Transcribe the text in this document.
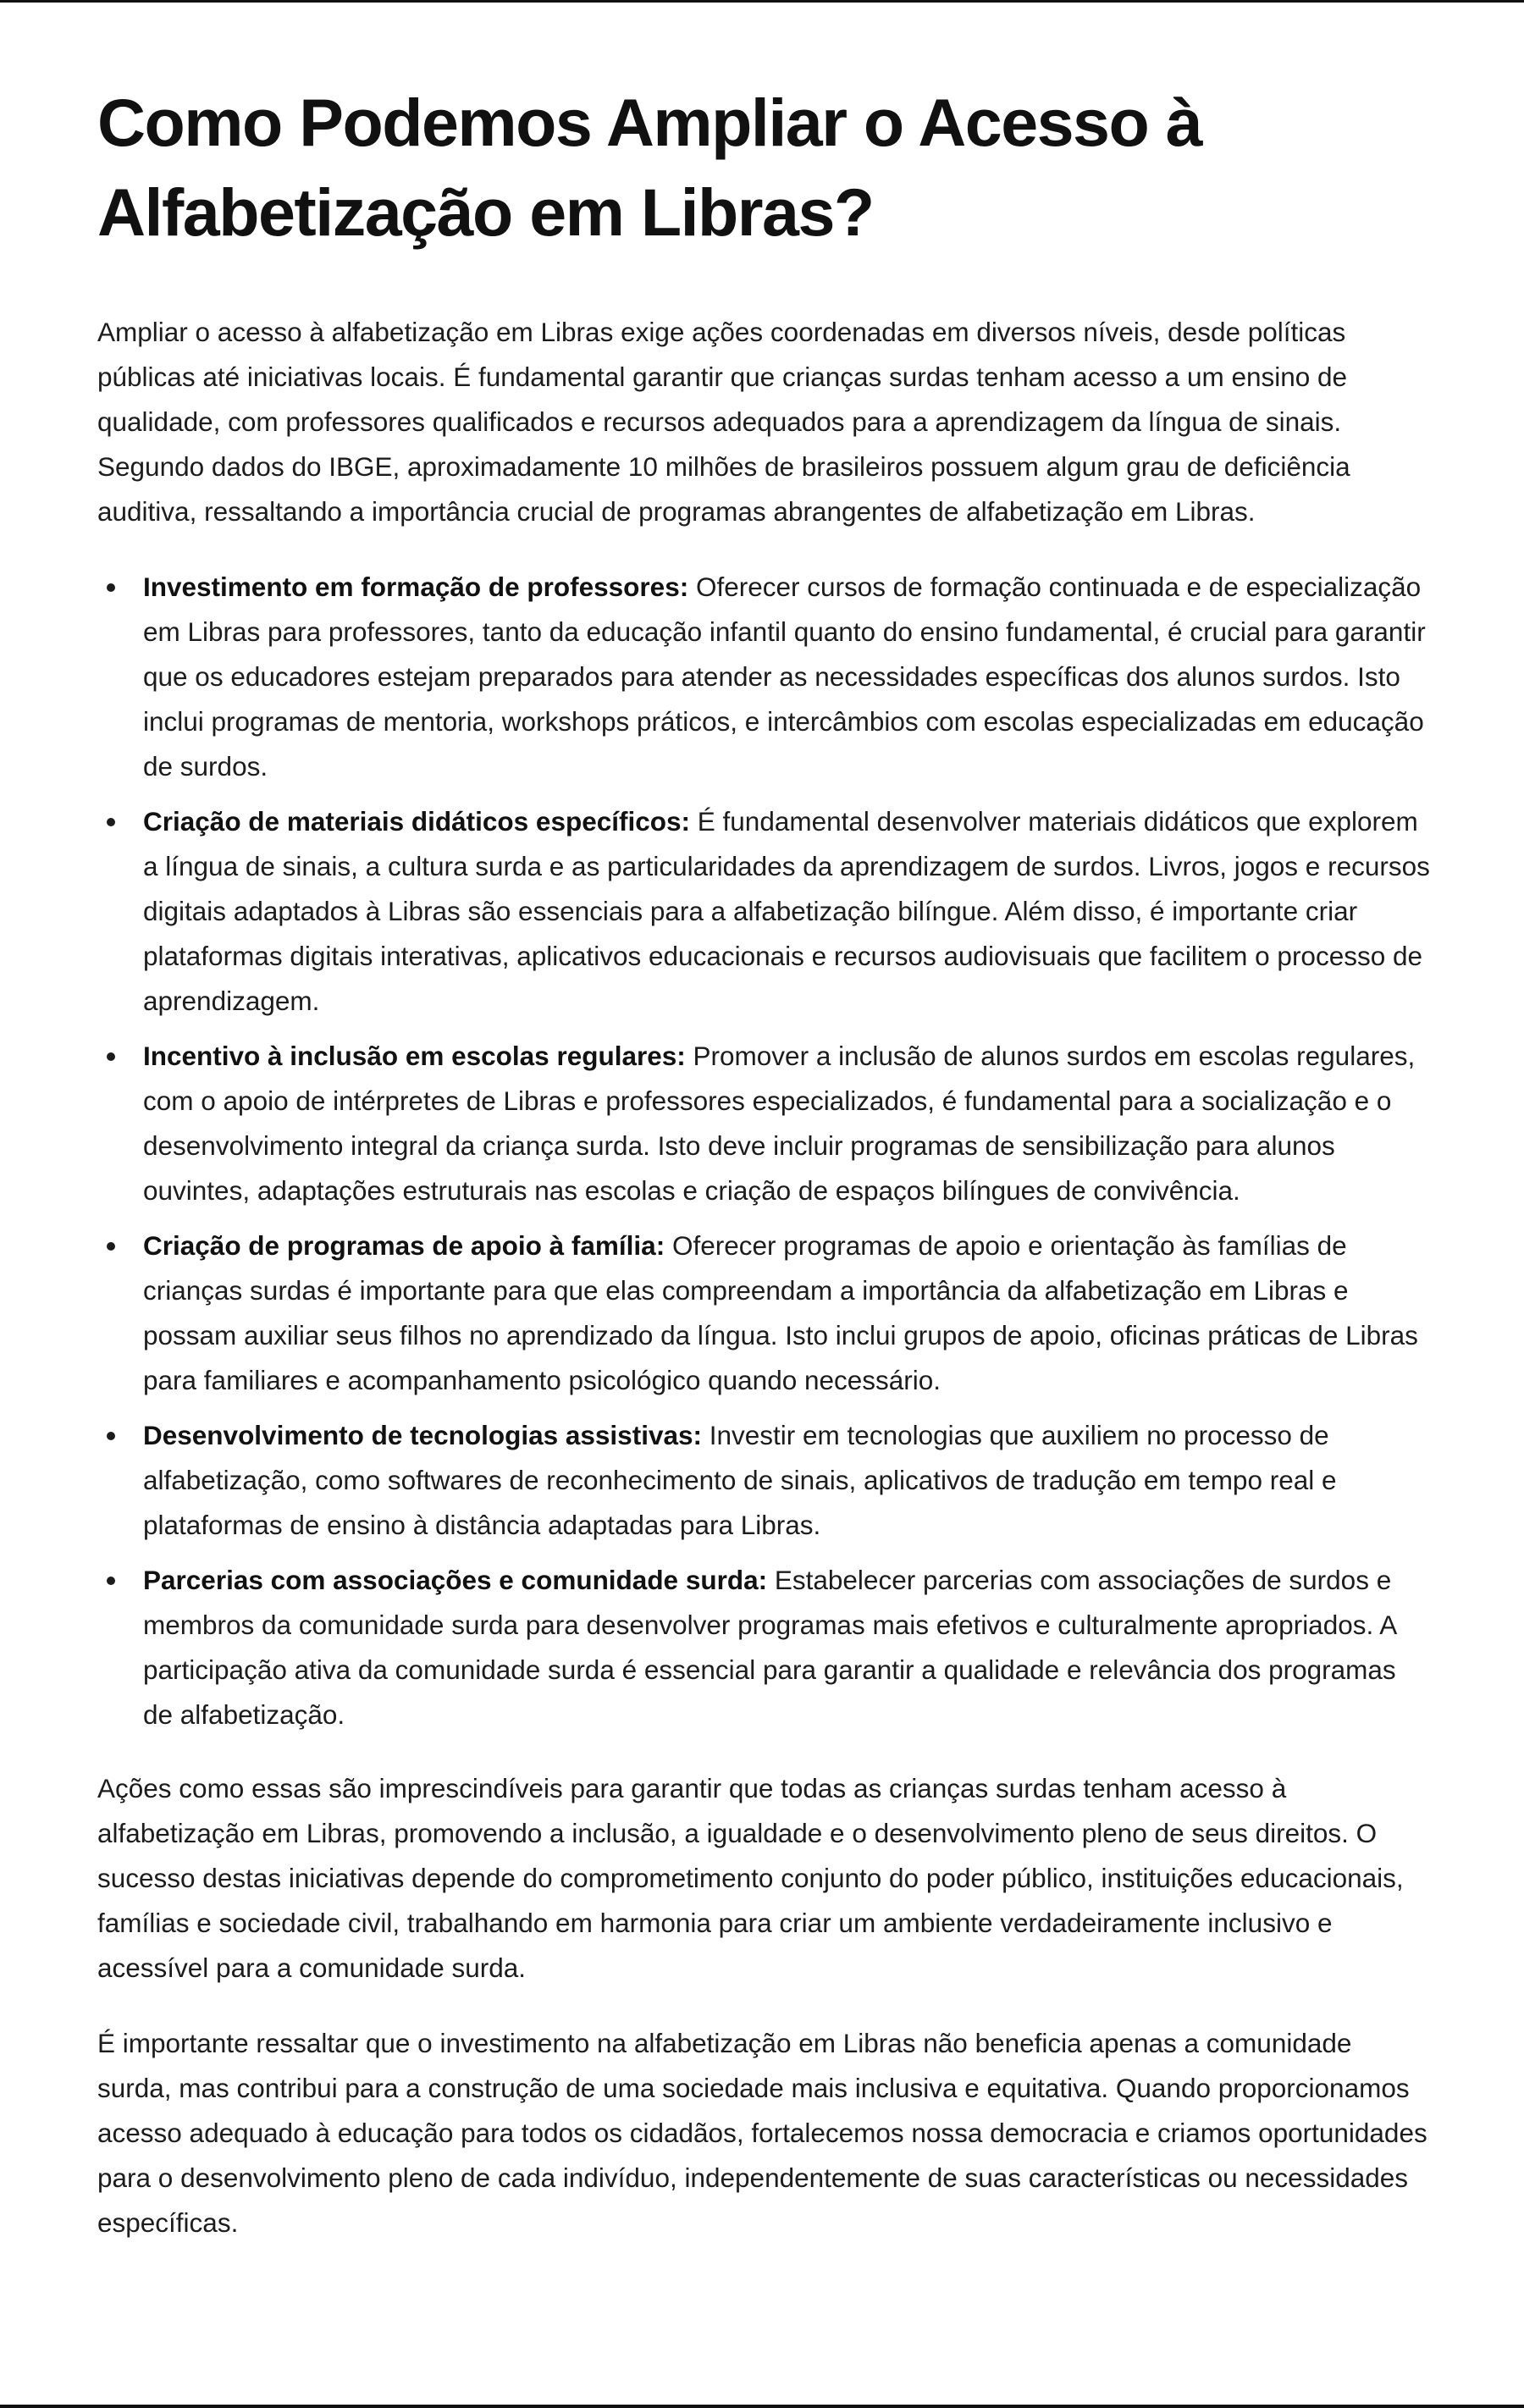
Como Podemos Ampliar o Acesso à Alfabetização em Libras?

Ampliar o acesso à alfabetização em Libras exige ações coordenadas em diversos níveis, desde políticas públicas até iniciativas locais. É fundamental garantir que crianças surdas tenham acesso a um ensino de qualidade, com professores qualificados e recursos adequados para a aprendizagem da língua de sinais. Segundo dados do IBGE, aproximadamente 10 milhões de brasileiros possuem algum grau de deficiência auditiva, ressaltando a importância crucial de programas abrangentes de alfabetização em Libras.

Investimento em formação de professores: Oferecer cursos de formação continuada e de especialização em Libras para professores, tanto da educação infantil quanto do ensino fundamental, é crucial para garantir que os educadores estejam preparados para atender as necessidades específicas dos alunos surdos. Isto inclui programas de mentoria, workshops práticos, e intercâmbios com escolas especializadas em educação de surdos.
Criação de materiais didáticos específicos: É fundamental desenvolver materiais didáticos que explorem a língua de sinais, a cultura surda e as particularidades da aprendizagem de surdos. Livros, jogos e recursos digitais adaptados à Libras são essenciais para a alfabetização bilíngue. Além disso, é importante criar plataformas digitais interativas, aplicativos educacionais e recursos audiovisuais que facilitem o processo de aprendizagem.
Incentivo à inclusão em escolas regulares: Promover a inclusão de alunos surdos em escolas regulares, com o apoio de intérpretes de Libras e professores especializados, é fundamental para a socialização e o desenvolvimento integral da criança surda. Isto deve incluir programas de sensibilização para alunos ouvintes, adaptações estruturais nas escolas e criação de espaços bilíngues de convivência.
Criação de programas de apoio à família: Oferecer programas de apoio e orientação às famílias de crianças surdas é importante para que elas compreendam a importância da alfabetização em Libras e possam auxiliar seus filhos no aprendizado da língua. Isto inclui grupos de apoio, oficinas práticas de Libras para familiares e acompanhamento psicológico quando necessário.
Desenvolvimento de tecnologias assistivas: Investir em tecnologias que auxiliem no processo de alfabetização, como softwares de reconhecimento de sinais, aplicativos de tradução em tempo real e plataformas de ensino à distância adaptadas para Libras.
Parcerias com associações e comunidade surda: Estabelecer parcerias com associações de surdos e membros da comunidade surda para desenvolver programas mais efetivos e culturalmente apropriados. A participação ativa da comunidade surda é essencial para garantir a qualidade e relevância dos programas de alfabetização.

Ações como essas são imprescindíveis para garantir que todas as crianças surdas tenham acesso à alfabetização em Libras, promovendo a inclusão, a igualdade e o desenvolvimento pleno de seus direitos. O sucesso destas iniciativas depende do comprometimento conjunto do poder público, instituições educacionais, famílias e sociedade civil, trabalhando em harmonia para criar um ambiente verdadeiramente inclusivo e acessível para a comunidade surda.

É importante ressaltar que o investimento na alfabetização em Libras não beneficia apenas a comunidade surda, mas contribui para a construção de uma sociedade mais inclusiva e equitativa. Quando proporcionamos acesso adequado à educação para todos os cidadãos, fortalecemos nossa democracia e criamos oportunidades para o desenvolvimento pleno de cada indivíduo, independentemente de suas características ou necessidades específicas.
